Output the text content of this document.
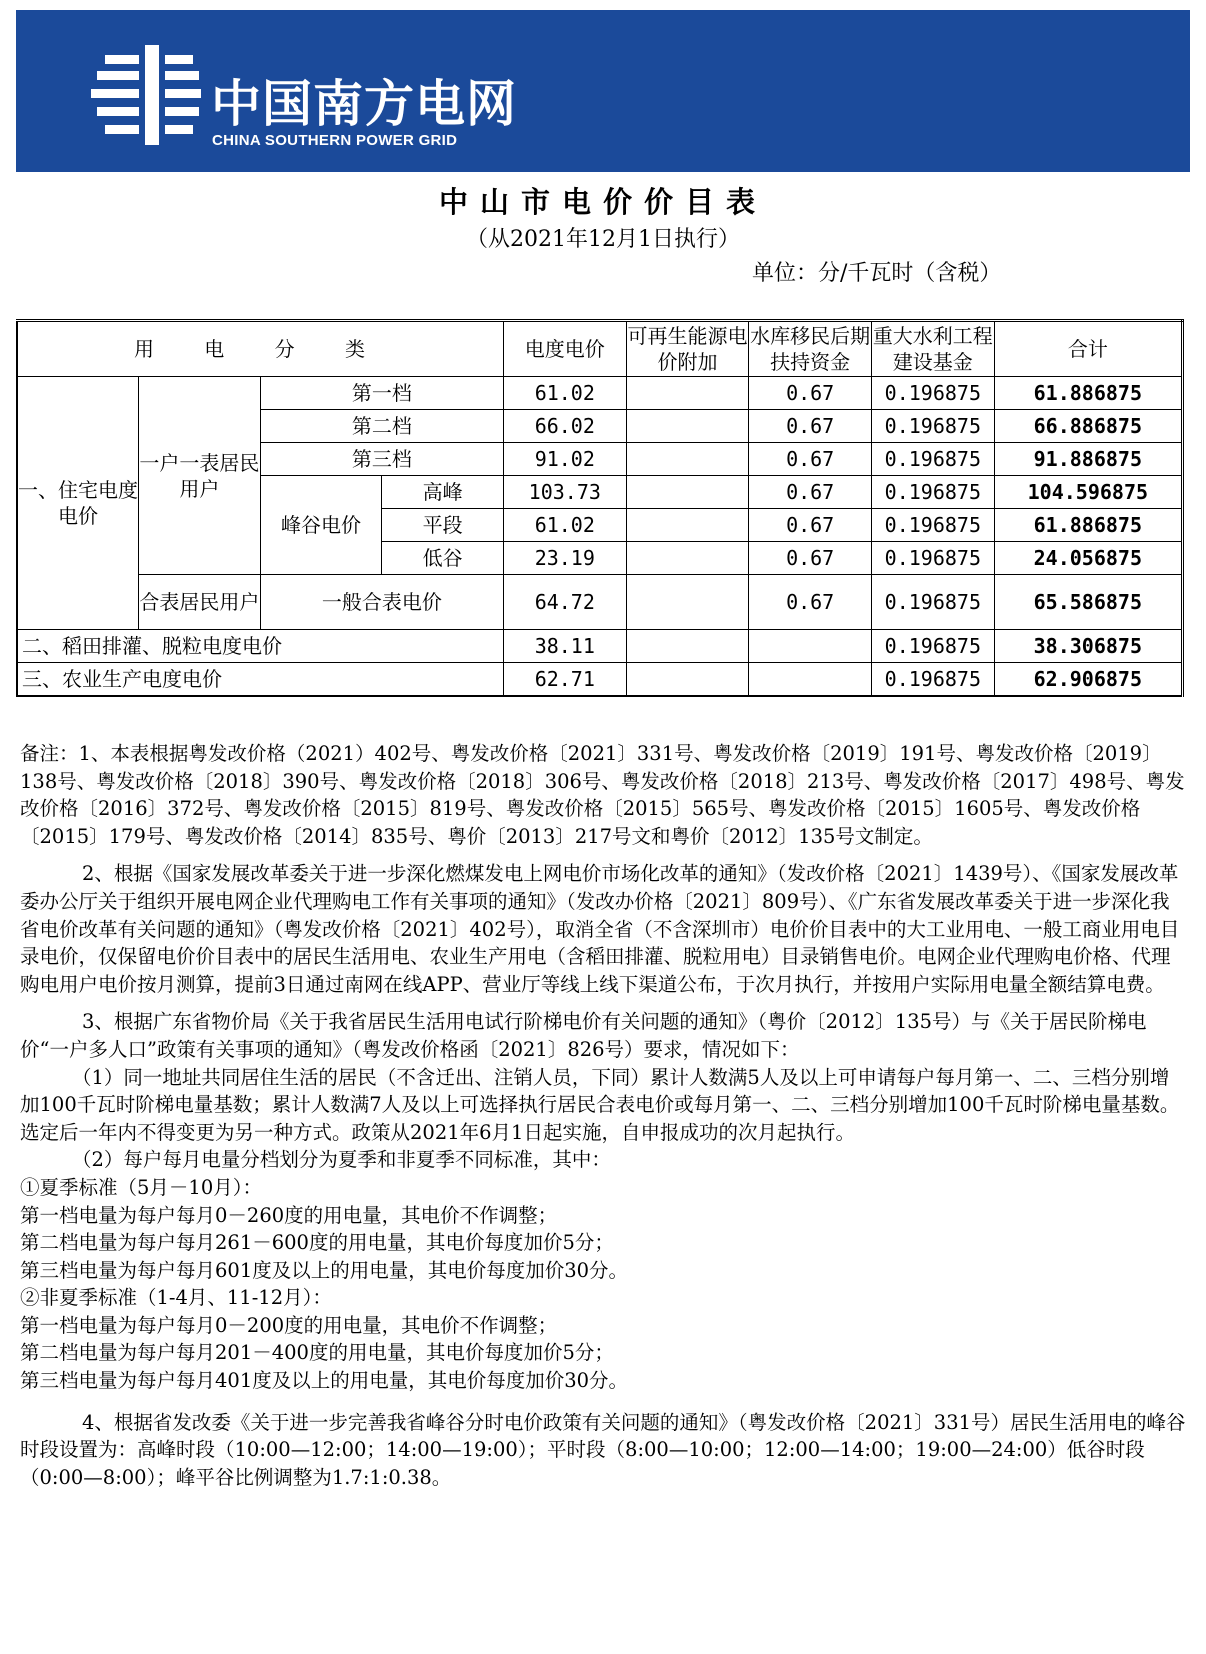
中国南方电网
CHINA SOUTHERN POWER GRID
中山市电价价目表
（从2021年12月1日执行）
单位：分/千瓦时（含税）
用 电 分 类				电度电价	可再生能源电价附加	水库移民后期扶持资金	重大水利工程建设基金	合计
一、住宅电度电价	一户一表居民用户	第一档		61.02		0.67	0.196875	61.886875
		第二档		66.02		0.67	0.196875	66.886875
		第三档		91.02		0.67	0.196875	91.886875
		峰谷电价	高峰	103.73		0.67	0.196875	104.596875
			平段	61.02		0.67	0.196875	61.886875
			低谷	23.19		0.67	0.196875	24.056875
	合表居民用户	一般合表电价		64.72		0.67	0.196875	65.586875
二、稻田排灌、脱粒电度电价				38.11			0.196875	38.306875
三、农业生产电度电价				62.71			0.196875	62.906875

备注：1、本表根据粤发改价格（2021）402号、粤发改价格〔2021〕331号、粤发改价格〔2019〕191号、粤发改价格〔2019〕138号、粤发改价格〔2018〕390号、粤发改价格〔2018〕306号、粤发改价格〔2018〕213号、粤发改价格〔2017〕498号、粤发改价格〔2016〕372号、粤发改价格〔2015〕819号、粤发改价格〔2015〕565号、粤发改价格〔2015〕1605号、粤发改价格〔2015〕179号、粤发改价格〔2014〕835号、粤价〔2013〕217号文和粤价〔2012〕135号文制定。

2、根据《国家发展改革委关于进一步深化燃煤发电上网电价市场化改革的通知》（发改价格〔2021〕1439号）、《国家发展改革委办公厅关于组织开展电网企业代理购电工作有关事项的通知》（发改办价格〔2021〕809号）、《广东省发展改革委关于进一步深化我省电价改革有关问题的通知》（粤发改价格〔2021〕402号），取消全省（不含深圳市）电价价目表中的大工业用电、一般工商业用电目录电价，仅保留电价价目表中的居民生活用电、农业生产用电（含稻田排灌、脱粒用电）目录销售电价。电网企业代理购电价格、代理购电用户电价按月测算，提前3日通过南网在线APP、营业厅等线上线下渠道公布，于次月执行，并按用户实际用电量全额结算电费。

3、根据广东省物价局《关于我省居民生活用电试行阶梯电价有关问题的通知》（粤价〔2012〕135号）与《关于居民阶梯电价“一户多人口”政策有关事项的通知》（粤发改价格函〔2021〕826号）要求，情况如下：

（1）同一地址共同居住生活的居民（不含迁出、注销人员，下同）累计人数满5人及以上可申请每户每月第一、二、三档分别增加100千瓦时阶梯电量基数；累计人数满7人及以上可选择执行居民合表电价或每月第一、二、三档分别增加100千瓦时阶梯电量基数。选定后一年内不得变更为另一种方式。政策从2021年6月1日起实施，自申报成功的次月起执行。

（2）每户每月电量分档划分为夏季和非夏季不同标准，其中：

①夏季标准（5月－10月）：

第一档电量为每户每月0－260度的用电量，其电价不作调整；

第二档电量为每户每月261－600度的用电量，其电价每度加价5分；

第三档电量为每户每月601度及以上的用电量，其电价每度加价30分。

②非夏季标准（1-4月、11-12月）：

第一档电量为每户每月0－200度的用电量，其电价不作调整；

第二档电量为每户每月201－400度的用电量，其电价每度加价5分；

第三档电量为每户每月401度及以上的用电量，其电价每度加价30分。

4、根据省发改委《关于进一步完善我省峰谷分时电价政策有关问题的通知》（粤发改价格〔2021〕331号）居民生活用电的峰谷时段设置为：高峰时段（10:00—12:00；14:00—19:00）；平时段（8:00—10:00；12:00—14:00；19:00—24:00）低谷时段（0:00—8:00）；峰平谷比例调整为1.7:1:0.38。
